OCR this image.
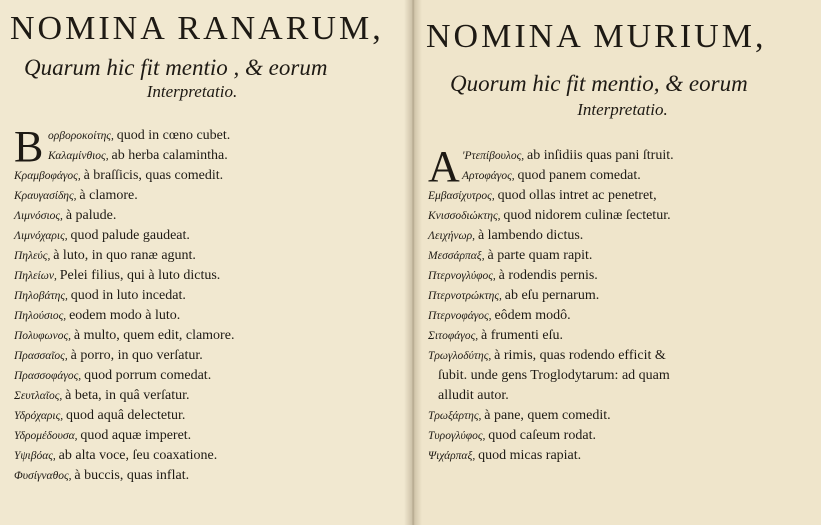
NOMINA RANARUM,
Quarum hic fit mentio , & eorum
Interpretatio.
B ορβοροκοίτης, quod in cœno cubet.
Καλαμίνθιος, ab herba calamintha.
Κραμβοφάγος, à braſſicis, quas comedit.
Κραυγασίδης, à clamore.
Λιμνόσιος, à palude.
Λιμνόχαρις, quod palude gaudeat.
Πηλεύς, à luto, in quo ranæ agunt.
Πηλείων, Pelei filius, qui à luto dictus.
Πηλοβάτης, quod in luto incedat.
Πηλούσιος, eodem modo à luto.
Πολυφωνος, à multo, quem edit, clamore.
Πρασσαῖος, à porro, in quo verſatur.
Πρασσοφάγος, quod porrum comedat.
Σευτλαῖος, à beta, in quâ verſatur.
Υδρόχαρις, quod aquâ delectetur.
Υδρομέδουσα, quod aquæ imperet.
Υψιβόας, ab alta voce, ſeu coaxatione.
Φυσίγναθος, à buccis, quas inflat.
NOMINA MURIUM,
Quorum hic fit mentio, & eorum
Interpretatio.
A 'Ρτεπίβουλος, ab inſidiis quas pani ſtruit.
Αρτοφάγος, quod panem comedat.
Εμβασίχυτρος, quod ollas intret ac penetret,
Κνισσοδιώκτης, quod nidorem culinæ ſectetur.
Λειχήνωρ, à lambendo dictus.
Μεσσάρπαξ, à parte quam rapit.
Πτερνογλύφος, à rodendis pernis.
Πτερνοτρώκτης, ab eſu pernarum.
Πτερνοφάγος, eôdem modô.
Σιτοφάγος, à frumenti eſu.
Τρωγλοδύτης, à rimis, quas rodendo efficit &
ſubit. unde gens Troglodytarum: ad quam
alludit autor.
Τρωξάρτης, à pane, quem comedit.
Τυρογλύφος, quod caſeum rodat.
Ψιχάρπαξ, quod micas rapiat.
